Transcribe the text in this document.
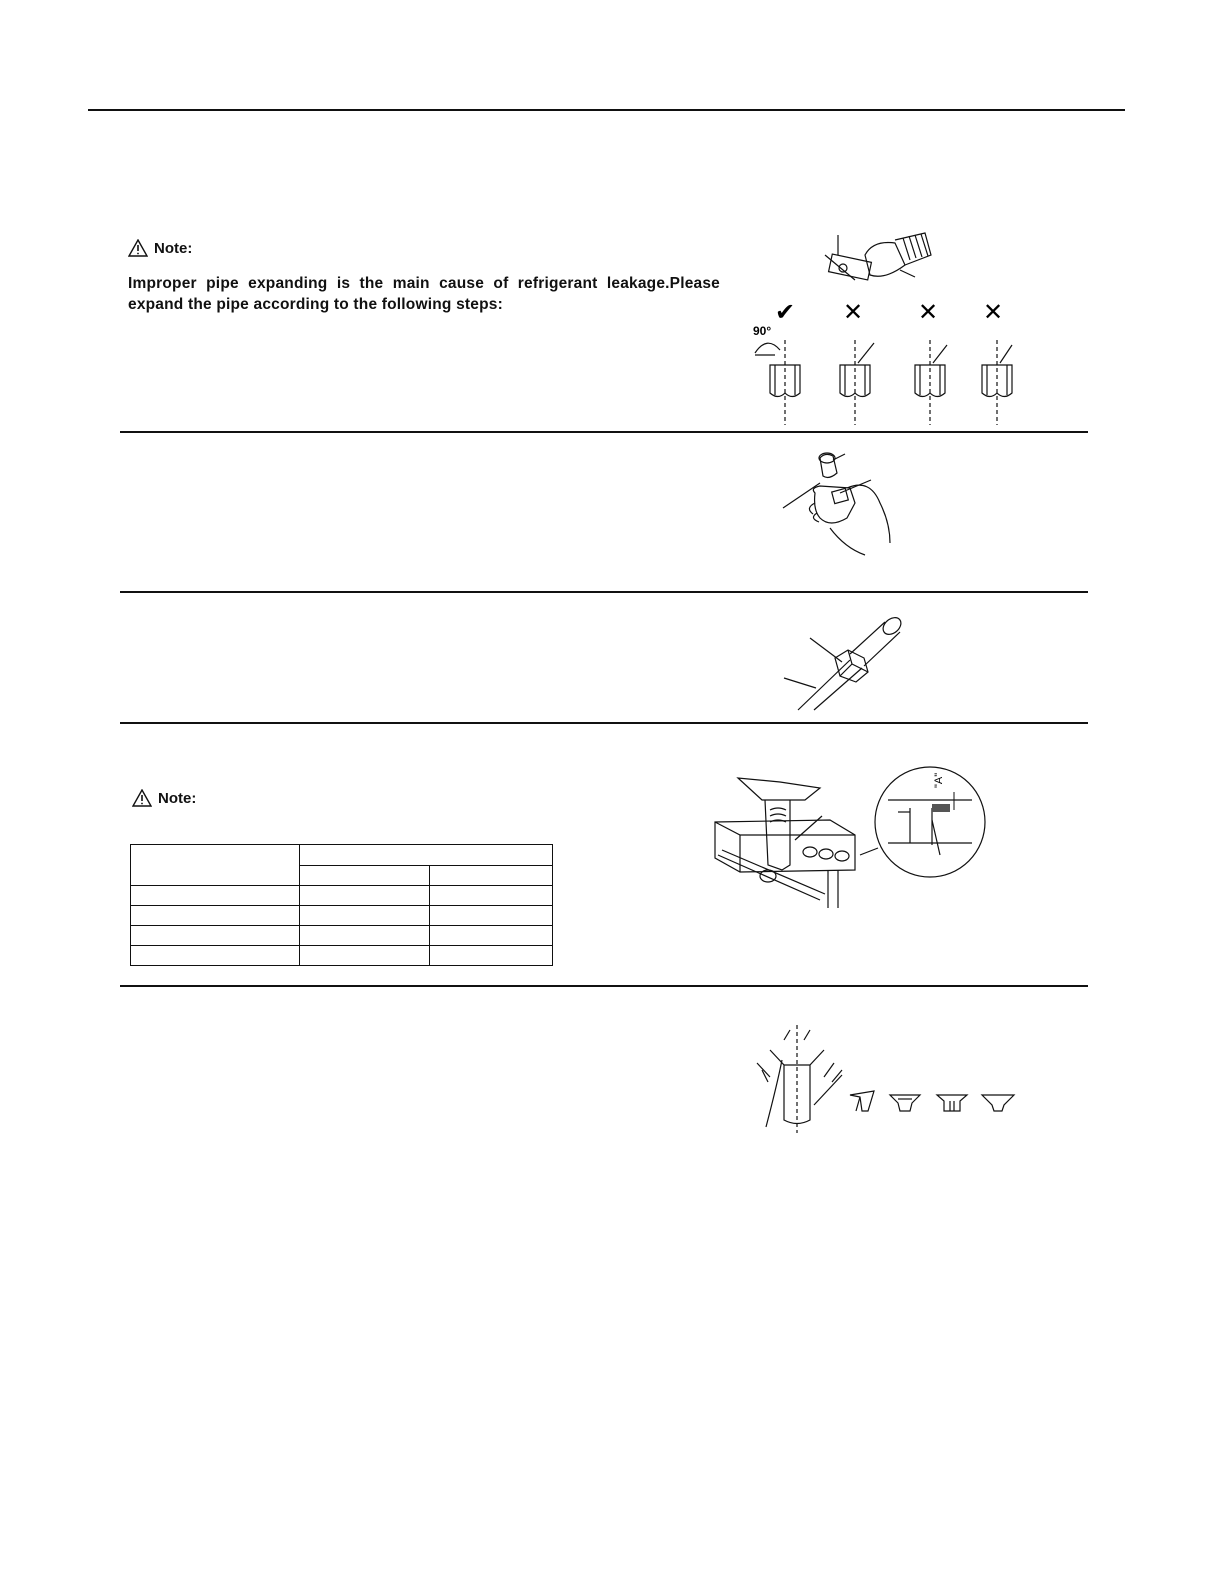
Note:
Improper pipe expanding is the main cause of refrigerant leakage.Please expand the pipe according to the following steps:	✔ ✕ ✕ ✕
90°
Note:

"A"
